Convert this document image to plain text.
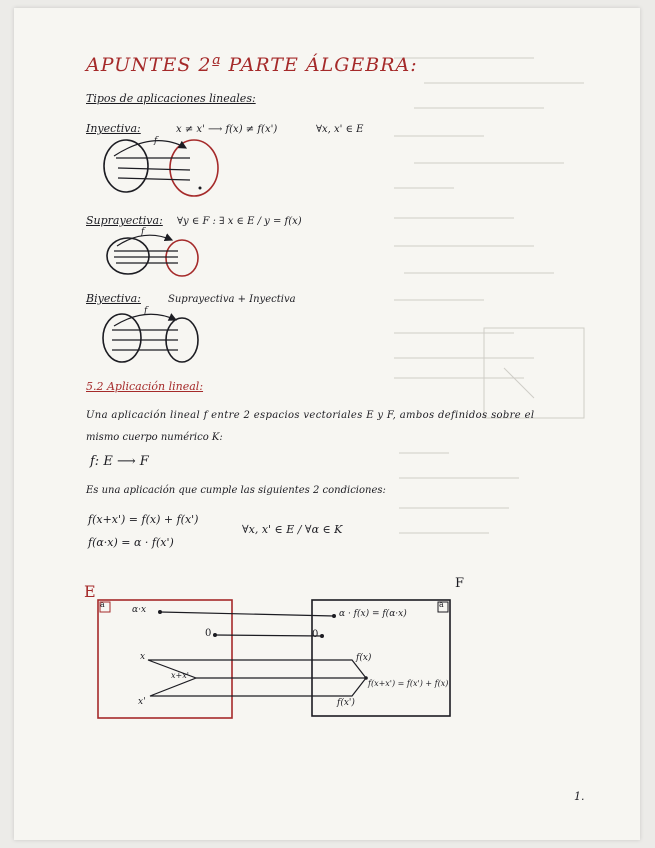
APUNTES 2ª PARTE ÁLGEBRA:
Tipos de aplicaciones lineales:
Inyectiva:	x ≠ x' ⟶ f(x) ≠ f(x')	∀x, x' ∈ E
Suprayectiva: ∀y ∈ F : ∃ x ∈ E / y = f(x)
Biyectiva:	Suprayectiva + Inyectiva
f
f
f
5.2 Aplicación lineal:
Una aplicación lineal f entre 2 espacios vectoriales E y F, ambos definidos sobre el
mismo cuerpo numérico K:
f: E ⟶ F
Es una aplicación que cumple las siguientes 2 condiciones:
f(x+x') = f(x) + f(x')
f(α·x) = α · f(x')
∀x, x' ∈ E / ∀α ∈ K
E	F
a	a
α·x
0	0
x
x+x'
x'
α · f(x) = f(α·x)
f(x)
f(x+x') = f(x') + f(x)
f(x')
1.
